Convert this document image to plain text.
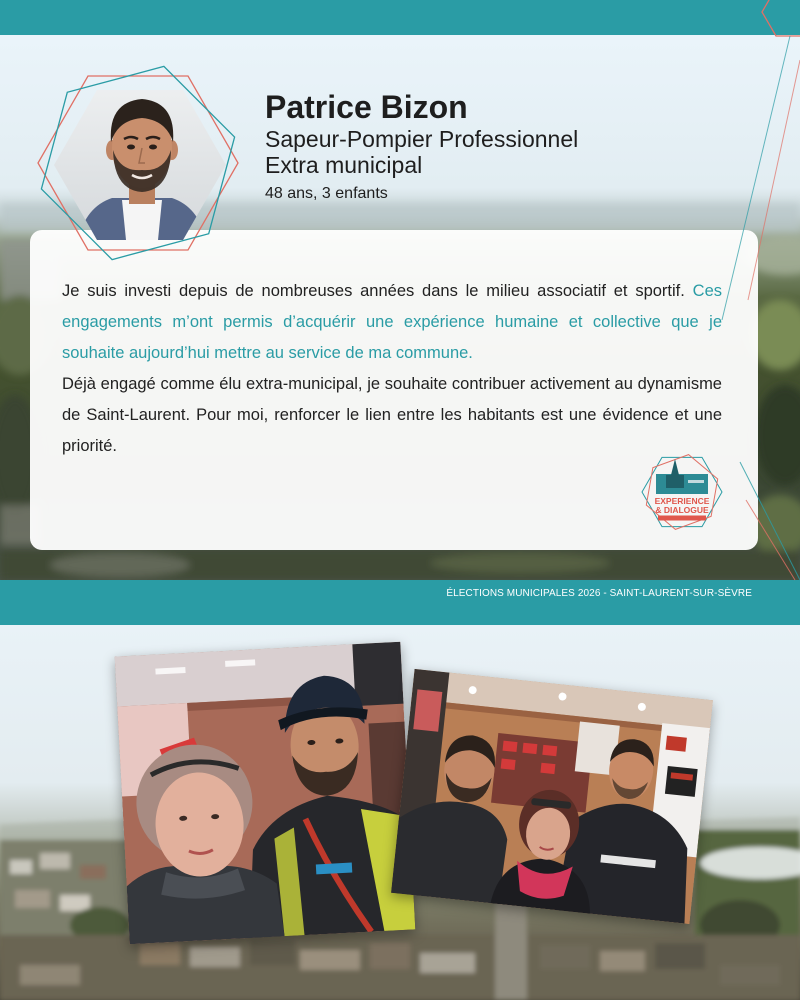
ÉLECTIONS MUNICIPALES 2026 - SAINT-LAURENT-SUR-SÈVRE

Je suis investi depuis de nombreuses années dans le milieu associatif et sportif. Ces engagements m’ont permis d’acquérir une expérience humaine et collective que je souhaite aujourd’hui mettre au service de ma commune.

Déjà engagé comme élu extra-municipal, je souhaite contribuer activement au dynamisme de Saint-Laurent. Pour moi, renforcer le lien entre les habitants est une évidence et une priorité.

EXPERIENCE
& DIALOGUE
Patrice Bizon
Sapeur-Pompier Professionnel
Extra municipal
48 ans, 3 enfants
